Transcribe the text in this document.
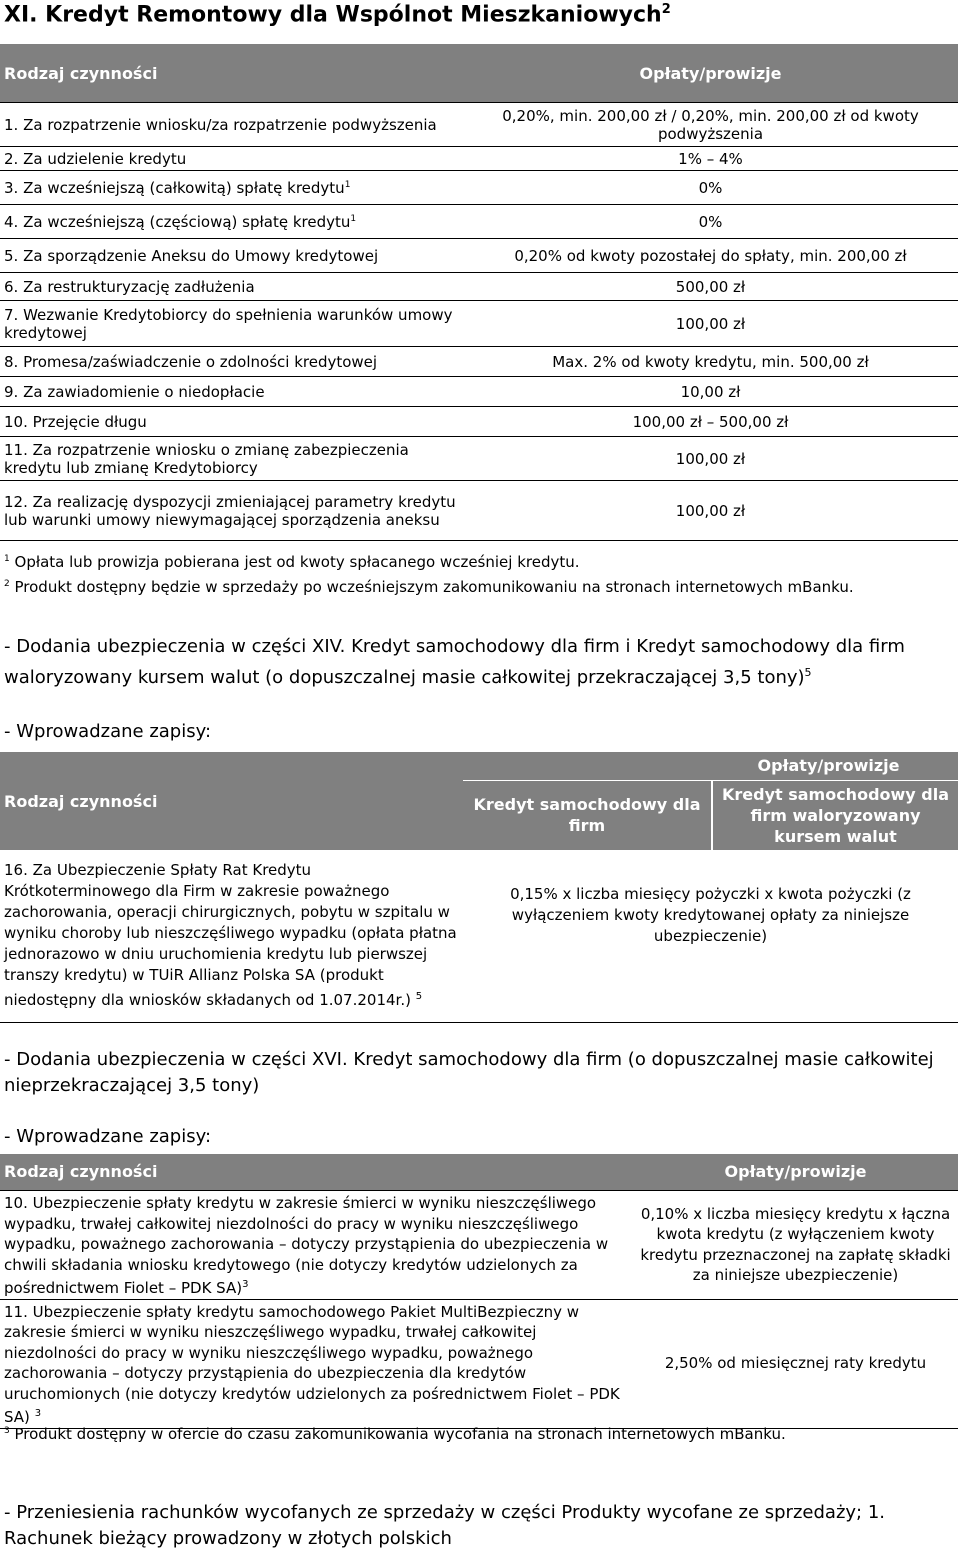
XI. Kredyt Remontowy dla Wspólnot Mieszkaniowych$^2$
Rodzaj czynności	Opłaty/prowizje
1. Za rozpatrzenie wniosku/za rozpatrzenie podwyższenia	0,20%, min. 200,00 zł / 0,20%, min. 200,00 zł od kwoty podwyższenia
2. Za udzielenie kredytu	1% – 4%
3. Za wcześniejszą (całkowitą) spłatę kredytu$^1$	0%
4. Za wcześniejszą (częściową) spłatę kredytu$^1$	0%
5. Za sporządzenie Aneksu do Umowy kredytowej	0,20% od kwoty pozostałej do spłaty, min. 200,00 zł
6. Za restrukturyzację zadłużenia	500,00 zł
7. Wezwanie Kredytobiorcy do spełnienia warunków umowy kredytowej	100,00 zł
8. Promesa/zaświadczenie o zdolności kredytowej	Max. 2% od kwoty kredytu, min. 500,00 zł
9. Za zawiadomienie o niedopłacie	10,00 zł
10. Przejęcie długu	100,00 zł – 500,00 zł
11. Za rozpatrzenie wniosku o zmianę zabezpieczenia kredytu lub zmianę Kredytobiorcy	100,00 zł
12. Za realizację dyspozycji zmieniającej parametry kredytu lub warunki umowy niewymagającej sporządzenia aneksu	100,00 zł
$^1$ Opłata lub prowizja pobierana jest od kwoty spłacanego wcześniej kredytu.
$^2$ Produkt dostępny będzie w sprzedaży po wcześniejszym zakomunikowaniu na stronach internetowych mBanku.
- Dodania ubezpieczenia w części XIV. Kredyt samochodowy dla firm i Kredyt samochodowy dla firm waloryzowany kursem walut (o dopuszczalnej masie całkowitej przekraczającej 3,5 tony)$^5$
- Wprowadzane zapisy:
Rodzaj czynności	Opłaty/prowizje	
	Kredyt samochodowy dla firm	Kredyt samochodowy dla firm waloryzowany kursem walut
16. Za Ubezpieczenie Spłaty Rat Kredytu Krótkoterminowego dla Firm w zakresie poważnego zachorowania, operacji chirurgicznych, pobytu w szpitalu w wyniku choroby lub nieszczęśliwego wypadku (opłata płatna jednorazowo w dniu uruchomienia kredytu lub pierwszej transzy kredytu) w TUiR Allianz Polska SA (produkt niedostępny dla wniosków składanych od 1.07.2014r.) $^5$	0,15% x liczba miesięcy pożyczki x kwota pożyczki (z wyłączeniem kwoty kredytowanej opłaty za niniejsze ubezpieczenie)	
- Dodania ubezpieczenia w części XVI. Kredyt samochodowy dla firm (o dopuszczalnej masie całkowitej nieprzekraczającej 3,5 tony)
- Wprowadzane zapisy:
Rodzaj czynności	Opłaty/prowizje
10. Ubezpieczenie spłaty kredytu w zakresie śmierci w wyniku nieszczęśliwego wypadku, trwałej całkowitej niezdolności do pracy w wyniku nieszczęśliwego wypadku, poważnego zachorowania – dotyczy przystąpienia do ubezpieczenia w chwili składania wniosku kredytowego (nie dotyczy kredytów udzielonych za pośrednictwem Fiolet – PDK SA)$^3$	0,10% x liczba miesięcy kredytu x łączna kwota kredytu (z wyłączeniem kwoty kredytu przeznaczonej na zapłatę składki za niniejsze ubezpieczenie)
11. Ubezpieczenie spłaty kredytu samochodowego Pakiet MultiBezpieczny w zakresie śmierci w wyniku nieszczęśliwego wypadku, trwałej całkowitej niezdolności do pracy w wyniku nieszczęśliwego wypadku, poważnego zachorowania – dotyczy przystąpienia do ubezpieczenia dla kredytów uruchomionych (nie dotyczy kredytów udzielonych za pośrednictwem Fiolet – PDK SA) $^3$	2,50% od miesięcznej raty kredytu
$^3$ Produkt dostępny w ofercie do czasu zakomunikowania wycofania na stronach internetowych mBanku.
- Przeniesienia rachunków wycofanych ze sprzedaży w części Produkty wycofane ze sprzedaży; 1. Rachunek bieżący prowadzony w złotych polskich
